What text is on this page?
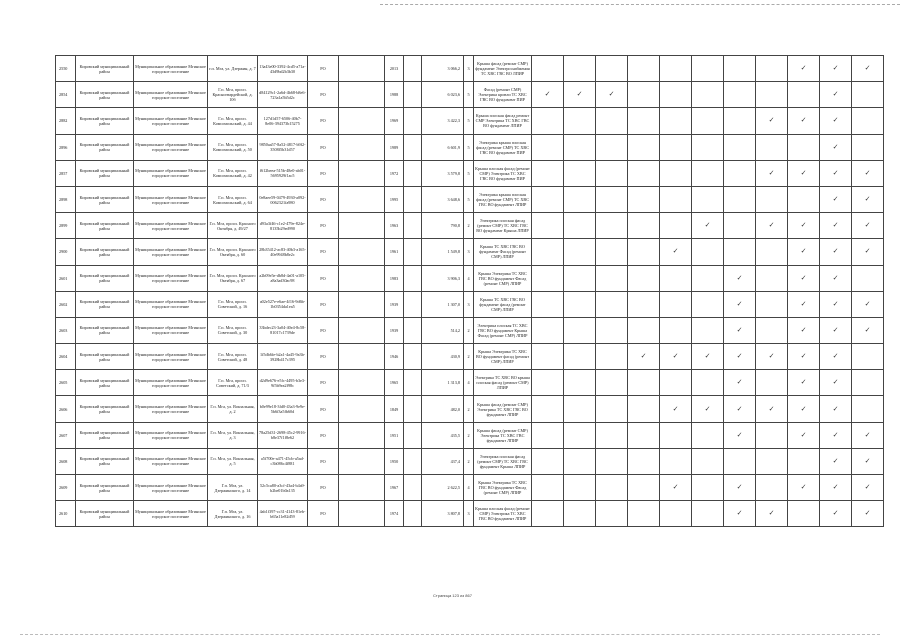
2550	Кировский муниципальный район	Муниципальное образование Мгинское городское поселение	г.п. Мга, ул. Дзержин, д. 7	13a43e00-3392-4cd5-a71a-43d9bd2b3b30	РО		2013		3 066,2	3	Крыша фасад (ремонт СМР) фундамент Электроснабжения ТС ХВС ГВС ВО ЛПИР									✓	✓	✓
2854	Кировский муниципальный район	Муниципальное образование Мгинское городское поселение	Г.п. Мга, просп. Красногвардейской, д. 10б	d84129c1-2a6d-4b68-b8e6-723a1a5b5d2c	РО		1988		6 023,6	5	Фасад (ремонт СМР) Электрика кровли ТС ХВС ГВС ВО фундамент ПИР	✓	✓	✓							✓	
2882	Кировский муниципальный район	Муниципальное образование Мгинское городское поселение	Г.п. Мга, просп. Комсомольский, д. 44	127d1d57-6506-40b7-8e06-394373b15275	РО		1969		3 422,3	5	Крыша плоская фасад ремонт СМР Электрика ТС ХВС ГВС ВО фундамент ЛПИР								✓	✓	✓	
2896	Кировский муниципальный район	Муниципальное образование Мгинское городское поселение	Г.п. Мга, просп. Комсомольский, д. 50	9850aa57-8a52-4817-b9f2-3508f5b31d57	РО		1989		6 601,9	5	Электрика крыша плоская фасад (ремонт СМР) ТС ХВС ГВС ВО фундамент ПИР										✓	
2857	Кировский муниципальный район	Муниципальное образование Мгинское городское поселение	Г.п. Мга, просп. Комсомольский, д. 42	f612beea-515b-48e0-ab01-5695929f1ac5	РО		1972		3 579,8	5	Крыша плоская фасад (ремонт СМР) Электрика ТС ХВС ГВС ВО фундамент ПИР								✓	✓	✓	✓
2898	Кировский муниципальный район	Муниципальное образование Мгинское городское поселение	Г.п. Мга, просп. Комсомольский, д. 64	0e8aee59-0479-4930-a092-0062321fa980	РО		1995		3 648,6	5	Электрика крыша плоская фасад (ремонт СМР) ТС ХВС ГВС ВО фундамент ЛПИР										✓	✓
2899	Кировский муниципальный район	Муниципальное образование Мгинское городское поселение	Г.п. Мга, просп. Красного Октября, д. 49/27	d93a3f46-c1e2-479e-824e-8135b29ed990	РО		1963		790,8	2	Электрика плоская фасад (ремонт СМР) ТС ХВС ГВС ВО фундамент Крыша ЛПИР						✓		✓	✓	✓	✓
2900	Кировский муниципальный район	Муниципальное образование Мгинское городское поселение	Г.п. Мга, просп. Красного Октября, д. 60	28b35412-ac83-40b3-a165-40e9948b8e2c	РО		1961		1 549,8	3	Крыша ТС ХВС ГВС ВО фундамент Фасад (ремонт СМР) ЛПИР					✓				✓	✓	✓
2601	Кировский муниципальный район	Муниципальное образование Мгинское городское поселение	Г.п. Мга, просп. Красного Октября, д. 67	a2b09e5e-db8d-4a01-a105-a8a3ad30ac98	РО		1983		3 906,3	4	Крыша Электрика ТС ХВС ГВС ВО фундамент Фасад (ремонт СМР) ЛПИР							✓		✓	✓	
2602	Кировский муниципальный район	Муниципальное образование Мгинское городское поселение	Г.п. Мга, просп. Советский, д. 16	a02e527e-e6ae-4f16-9d6b-1b0354da1ea5	РО		1939		1 307,0	3	Крыша ТС ХВС ГВС ВО фундамент фасад (ремонт СМР) ЛПИР							✓		✓	✓	✓
2603	Кировский муниципальный район	Муниципальное образование Мгинское городское поселение	Г.п. Мга, просп. Советский, д. 30	33bdec23-3a04-40e4-8c58-81017c1739de	РО		1939		514,2	2	Электрика плоская ТС ХВС ГВС ВО фундамент Крыша Фасад (ремонт СМР) ЛПИР							✓		✓	✓	✓
2604	Кировский муниципальный район	Муниципальное образование Мгинское городское поселение	Г.п. Мга, просп. Советский, д. 48	1f5db6fe-b2a1-4a45-9a3b-3928b417c395	РО		1946		430,9	2	Крыша Электрика ТС ХВС ВО фундамент фасад (ремонт СМР) ЛПИР				✓	✓	✓	✓	✓	✓	✓	
2605	Кировский муниципальный район	Муниципальное образование Мгинское городское поселение	Г.п. Мга, просп. Советский, д. 71/3	d2d9e676-e5fc-4495-b3e3-9f5b9ea2f98c	РО		1965		1 313,8	4	Электрика ТС ХВС ВО крыша плоская фасад (ремонт СМР) ЛПИР							✓		✓	✓	
2606	Кировский муниципальный район	Муниципальное образование Мгинское городское поселение	Г.п. Мга, ул. Вокзальная, д. 2	b0e99e18-3fd0-43a3-9e9e-5b6f3a5fb60d	РО		1849		482,0	2	Крыша фасад (ремонт СМР) Электрика ТС ХВС ГВС ВО фундамент ЛПИР					✓	✓	✓	✓	✓	✓	
2607	Кировский муниципальный район	Муниципальное образование Мгинское городское поселение	Г.п. Мга, ул. Вокзальная, д. 3	78a25d31-2698-45c2-9916-b8e37f1f8e62	РО		1951		435,5	2	Крыша фасад (ремонт СМР) Электрика ТС ХВС ГВС фундамент ЛПИР							✓		✓	✓	✓
2608	Кировский муниципальный район	Муниципальное образование Мгинское городское поселение	Г.п. Мга, ул. Вокзальная, д. 5	a5f700e-a471-45cb-a5ad-c3b086c4f881	РО		1950		437,4	2	Электрика плоская фасад (ремонт СМР) ТС ХВС ГВС фундамент Крыша ЛПИР										✓	✓
2609	Кировский муниципальный район	Муниципальное образование Мгинское городское поселение	Г.п. Мга, ул. Дзержинского, д. 14	52c5ca80-a3cf-43a4-b4a9-b2be01b0a135	РО		1967		2 622,5	4	Крыша Электрика ТС ХВС ГВС ВО фундамент Фасад (ремонт СМР) ЛПИР					✓		✓		✓	✓	✓
2610	Кировский муниципальный район	Муниципальное образование Мгинское городское поселение	Г.п. Мга, ул. Дзержинского, д. 16	4ab1f397-cc31-4143-81eb-b65a11e82d59	РО		1974		3 807,8	3	Крыша плоская фасад (ремонт СМР) Электрика ТС ХВС ГВС ВО фундамент ЛПИР							✓	✓		✓	✓
Страница 123 из 867
